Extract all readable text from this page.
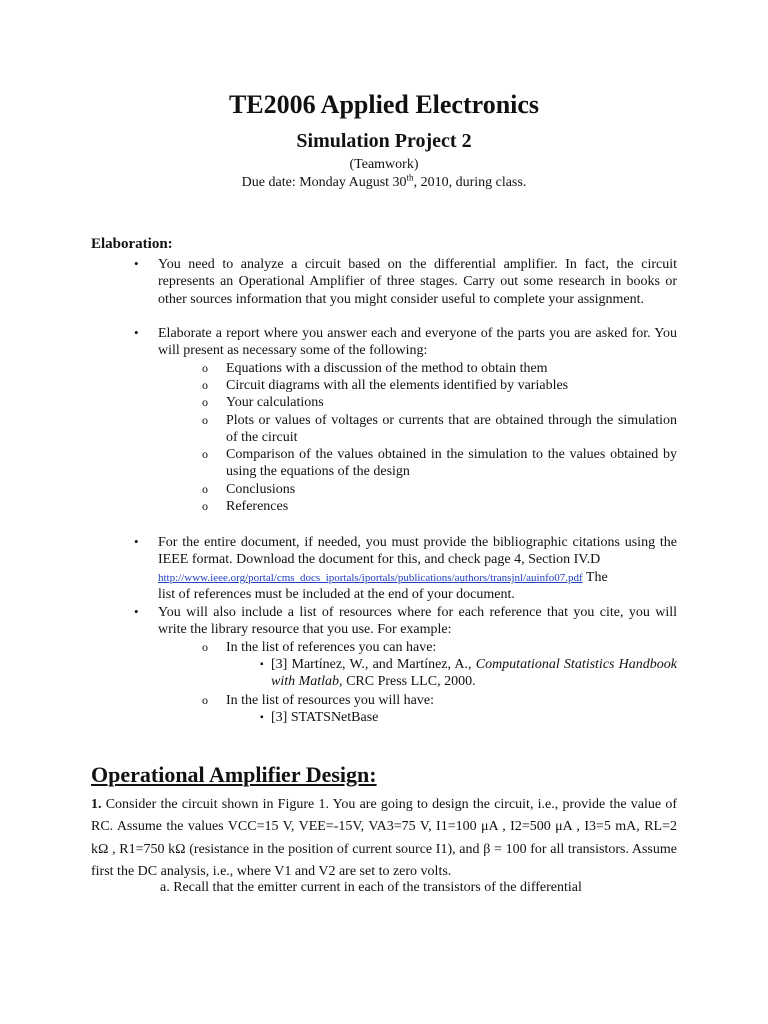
TE2006 Applied Electronics
Simulation Project 2
(Teamwork)
Due date: Monday August 30th, 2010, during class.
Elaboration:
• You need to analyze a circuit based on the differential amplifier. In fact, the circuit represents an Operational Amplifier of three stages. Carry out some research in books or other sources information that you might consider useful to complete your assignment.
• Elaborate a report where you answer each and everyone of the parts you are asked for. You will present as necessary some of the following:
o Equations with a discussion of the method to obtain them
o Circuit diagrams with all the elements identified by variables
o Your calculations
o Plots or values of voltages or currents that are obtained through the simulation of the circuit
o Comparison of the values obtained in the simulation to the values obtained by using the equations of the design
o Conclusions
o References
• For the entire document, if needed, you must provide the bibliographic citations using the IEEE format. Download the document for this, and check page 4, Section IV.D
http://www.ieee.org/portal/cms_docs_iportals/iportals/publications/authors/transjnl/auinfo07.pdf The
list of references must be included at the end of your document.
• You will also include a list of resources where for each reference that you cite, you will write the library resource that you use. For example:
o In the list of references you can have:
▪ [3] Martínez, W., and Martínez, A., Computational Statistics Handbook with Matlab, CRC Press LLC, 2000.
o In the list of resources you will have:
▪ [3] STATSNetBase
Operational Amplifier Design:
1. Consider the circuit shown in Figure 1. You are going to design the circuit, i.e., provide the value of RC. Assume the values VCC=15 V, VEE=-15V, VA3=75 V, I1=100 μA , I2=500 μA , I3=5 mA, RL=2 kΩ , R1=750 kΩ (resistance in the position of current source I1), and β = 100 for all transistors. Assume first the DC analysis, i.e., where V1 and V2 are set to zero volts.
a. Recall that the emitter current in each of the transistors of the differential
